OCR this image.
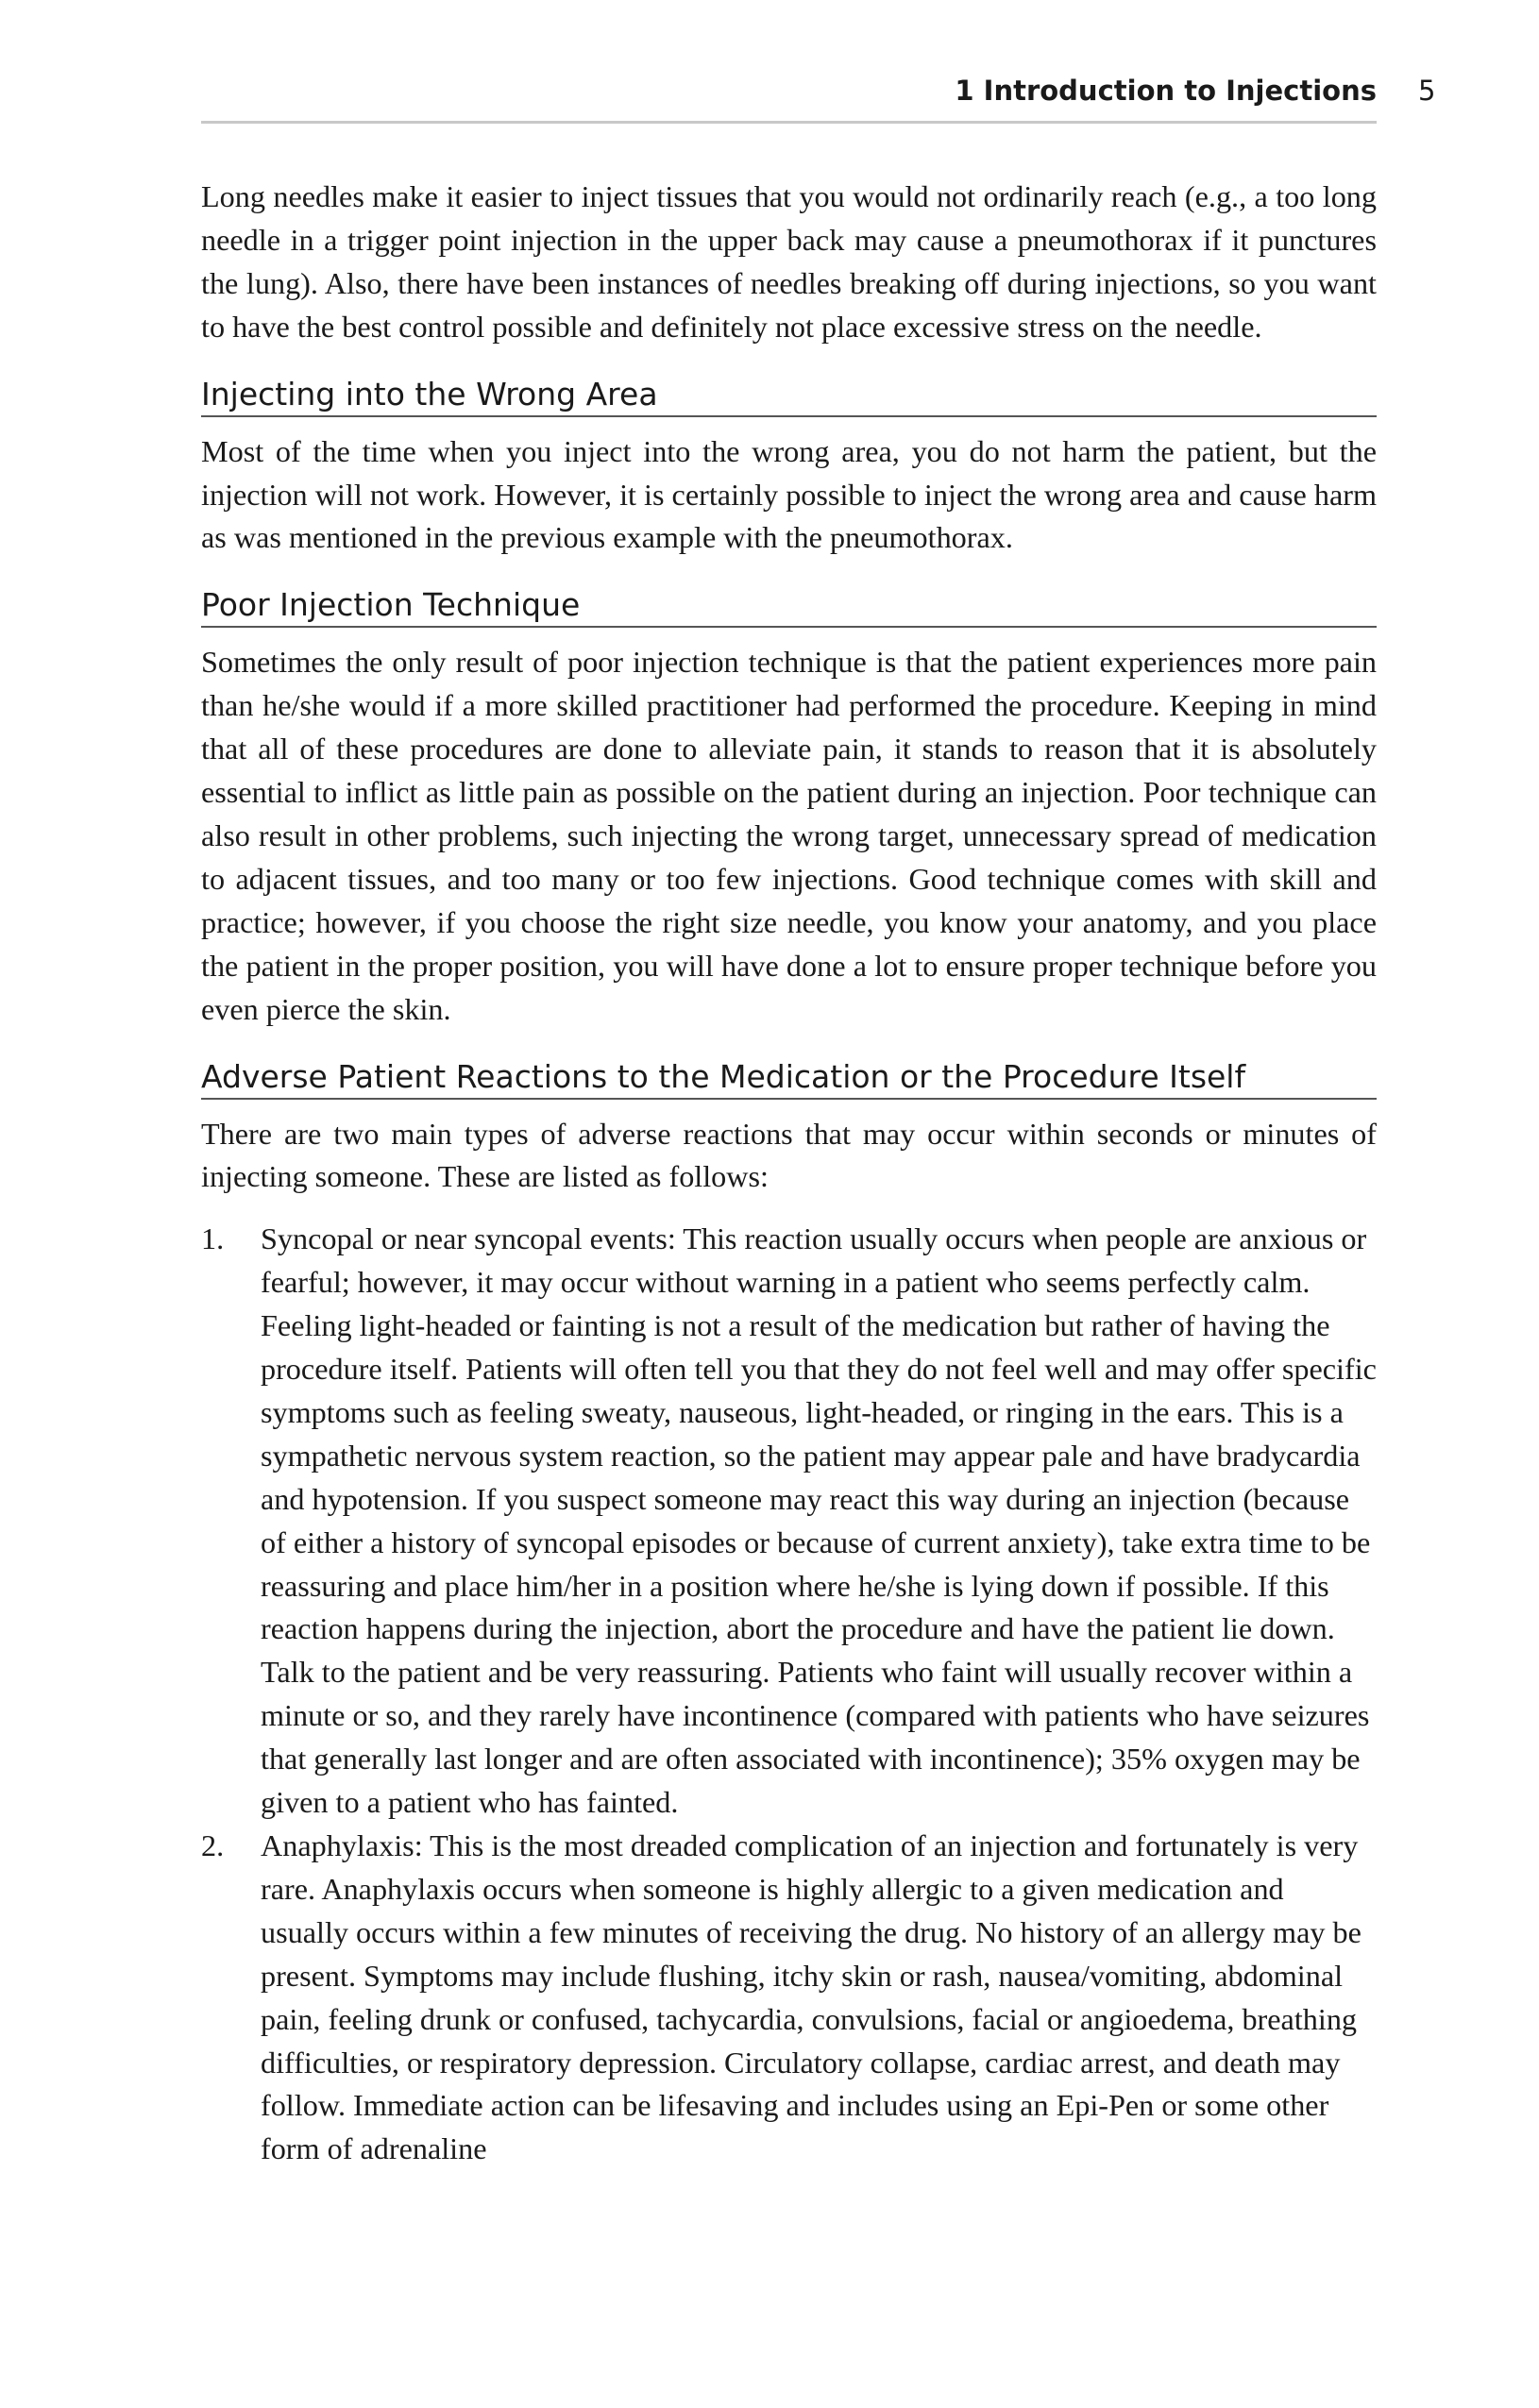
1 Introduction to Injections 5

Long needles make it easier to inject tissues that you would not ordinarily reach (e.g., a too long needle in a trigger point injection in the upper back may cause a pneumothorax if it punctures the lung). Also, there have been instances of needles breaking off during injections, so you want to have the best control possible and definitely not place excessive stress on the needle.

Injecting into the Wrong Area

Most of the time when you inject into the wrong area, you do not harm the patient, but the injection will not work. However, it is certainly possible to inject the wrong area and cause harm as was mentioned in the previous example with the pneumothorax.

Poor Injection Technique

Sometimes the only result of poor injection technique is that the patient experiences more pain than he/she would if a more skilled practitioner had performed the procedure. Keeping in mind that all of these procedures are done to alleviate pain, it stands to reason that it is absolutely essential to inflict as little pain as possible on the patient during an injection. Poor technique can also result in other problems, such injecting the wrong target, unnecessary spread of medication to adjacent tissues, and too many or too few injections. Good technique comes with skill and practice; however, if you choose the right size needle, you know your anatomy, and you place the patient in the proper position, you will have done a lot to ensure proper technique before you even pierce the skin.

Adverse Patient Reactions to the Medication or the Procedure Itself

There are two main types of adverse reactions that may occur within seconds or minutes of injecting someone. These are listed as follows:

1. Syncopal or near syncopal events: This reaction usually occurs when people are anxious or fearful; however, it may occur without warning in a patient who seems perfectly calm. Feeling light-headed or fainting is not a result of the medication but rather of having the procedure itself. Patients will often tell you that they do not feel well and may offer specific symptoms such as feeling sweaty, nauseous, light-headed, or ringing in the ears. This is a sympathetic nervous system reaction, so the patient may appear pale and have bradycardia and hypotension. If you suspect someone may react this way during an injection (because of either a history of syncopal episodes or because of current anxiety), take extra time to be reassuring and place him/her in a position where he/she is lying down if possible. If this reaction happens during the injection, abort the procedure and have the patient lie down. Talk to the patient and be very reassuring. Patients who faint will usually recover within a minute or so, and they rarely have incontinence (compared with patients who have seizures that generally last longer and are often associated with incontinence); 35% oxygen may be given to a patient who has fainted.
2. Anaphylaxis: This is the most dreaded complication of an injection and fortunately is very rare. Anaphylaxis occurs when someone is highly allergic to a given medication and usually occurs within a few minutes of receiving the drug. No history of an allergy may be present. Symptoms may include flushing, itchy skin or rash, nausea/vomiting, abdominal pain, feeling drunk or confused, tachycardia, convulsions, facial or angioedema, breathing difficulties, or respiratory depression. Circulatory collapse, cardiac arrest, and death may follow. Immediate action can be lifesaving and includes using an Epi-Pen or some other form of adrenaline
